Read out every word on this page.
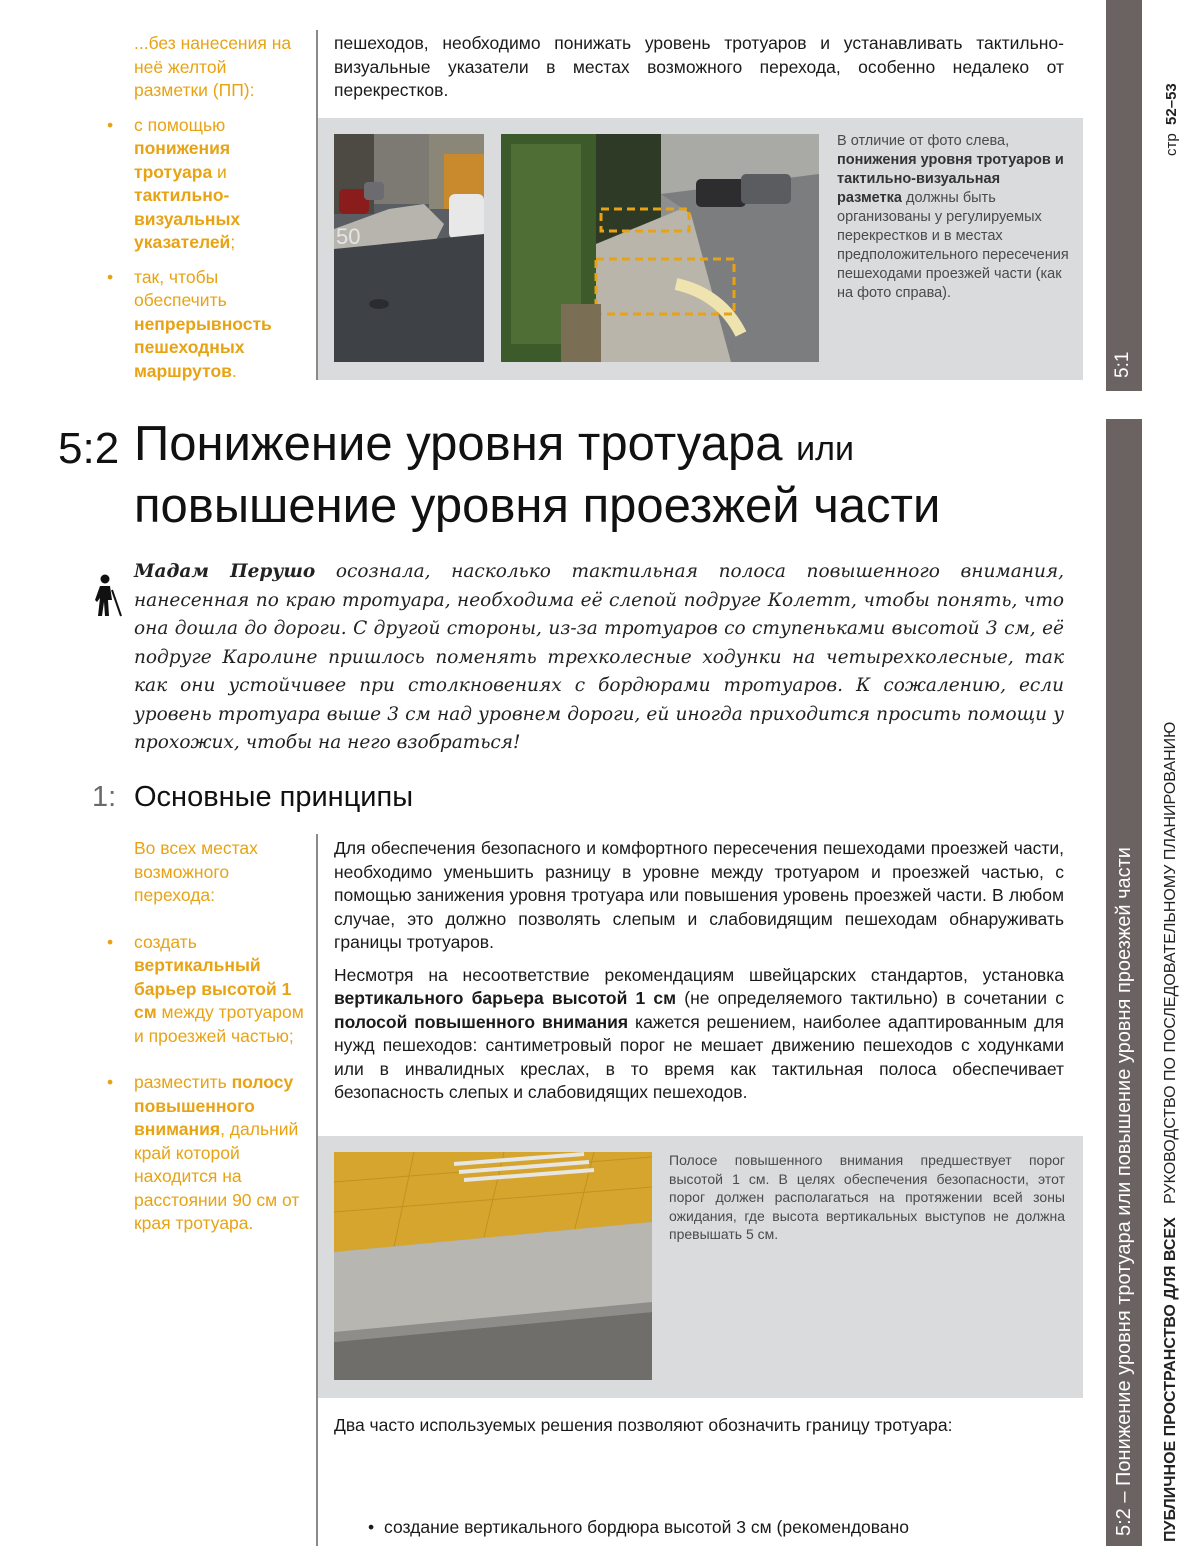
...без нанесения на неё желтой разметки (ПП):
• с помощью понижения тротуара и тактильно-визуальных указателей;
• так, чтобы обеспечить непрерывность пешеходных маршрутов.
пешеходов, необходимо понижать уровень тротуаров и устанавливать тактильно-визуальные указатели в местах возможного перехода, особенно недалеко от перекрестков.
50
В отличие от фото слева, понижения уровня тротуаров и тактильно-визуальная разметка должны быть организованы у регулируемых перекрестков и в местах предположительного пересечения пешеходами проезжей части (как на фото справа).
5:2 Понижение уровня тротуара или
повышение уровня проезжей части
Мадам Перушо осознала, насколько тактильная полоса повышенного внимания, нанесенная по краю тротуара, необходима её слепой подруге Колетт, чтобы понять, что она дошла до дороги. С другой стороны, из-за тротуаров со ступеньками высотой 3 см, её подруге Каролине пришлось поменять трехколесные ходунки на четырехколесные, так как они устойчивее при столкновениях с бордюрами тротуаров. К сожалению, если уровень тротуара выше 3 см над уровнем дороги, ей иногда приходится просить помощи у прохожих, чтобы на него взобраться!
1: Основные принципы
Во всех местах возможного перехода:
• создать вертикальный барьер высотой 1 см между тротуаром и проезжей частью;
• разместить полосу повышенного внимания, дальний край которой находится на расстоянии 90 см от края тротуара.

Для обеспечения безопасного и комфортного пересечения пешеходами проезжей части, необходимо уменьшить разницу в уровне между тротуаром и проезжей частью, с помощью занижения уровня тротуара или повышения уровень проезжей части. В любом случае, это должно позволять слепым и слабовидящим пешеходам обнаруживать границы тротуаров.

Несмотря на несоответствие рекомендациям швейцарских стандартов, установка вертикального барьера высотой 1 см (не определяемого тактильно) в сочетании с полосой повышенного внимания кажется решением, наиболее адаптированным для нужд пешеходов: сантиметровый порог не мешает движению пешеходов с ходунками или в инвалидных креслах, в то время как тактильная полоса обеспечивает безопасность слепых и слабовидящих пешеходов.

Полосе повышенного внимания предшествует порог высотой 1 см. В целях обеспечения безопасности, этот порог должен располагаться на протяжении всей зоны ожидания, где высота вертикальных выступов не должна превышать 5 см.
Два часто используемых решения позволяют обозначить границу тротуара:
• создание вертикального бордюра высотой 3 см (рекомендовано
5:1
5:2 – Понижение уровня тротуара или повышение уровня проезжей части
стр  52–53
ПУБЛИЧНОЕ ПРОСТРАНСТВО ДЛЯ ВСЕХ   РУКОВОДСТВО ПО ПОСЛЕДОВАТЕЛЬНОМУ ПЛАНИРОВАНИЮ
